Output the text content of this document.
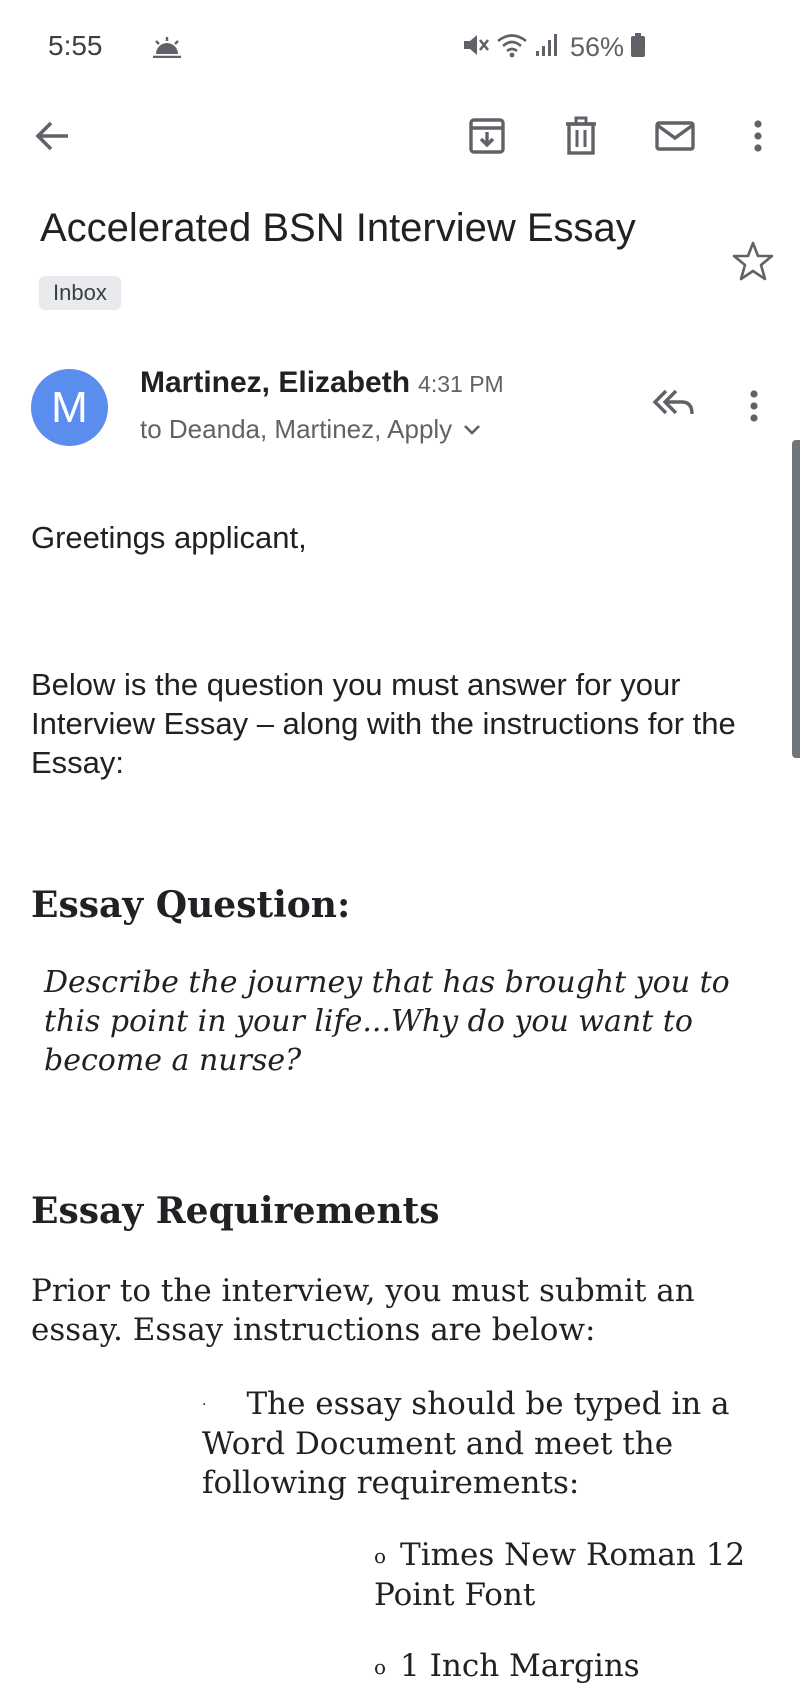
5:55	56%
Accelerated BSN Interview Essay
Inbox
M	Martinez, Elizabeth 4:31 PM
to Deanda, Martinez, Apply
Greetings applicant,
Below is the question you must answer for your Interview Essay – along with the instructions for the Essay:
Essay Question:
Describe the journey that has brought you to this point in your life...Why do you want to become a nurse?
Essay Requirements
Prior to the interview, you must submit an essay. Essay instructions are below:
· The essay should be typed in a Word Document and meet the following requirements:
o Times New Roman 12 Point Font
o 1 Inch Margins
